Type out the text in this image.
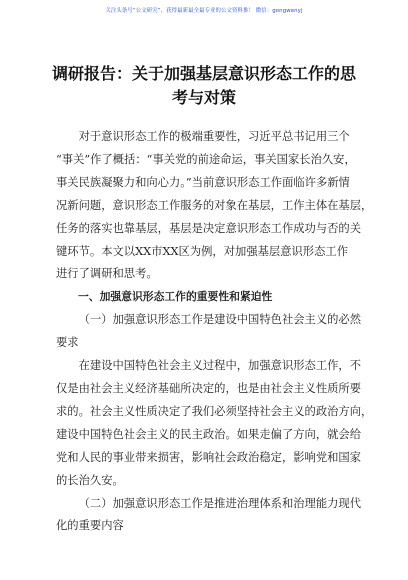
关注头条号“公文研究”，获得最新最全最专业的公文资料推！ 微信：gongwenyj
调研报告：关于加强基层意识形态工作的思
考与对策

对于意识形态工作的极端重要性，习近平总书记用三个
“事关”作了概括：“事关党的前途命运，事关国家长治久安，
事关民族凝聚力和向心力。”当前意识形态工作面临许多新情
况新问题，意识形态工作服务的对象在基层，工作主体在基层，
任务的落实也靠基层，基层是决定意识形态工作成功与否的关
键环节。本文以XX市XX区为例，对加强基层意识形态工作
进行了调研和思考。

一、加强意识形态工作的重要性和紧迫性

（一）加强意识形态工作是建设中国特色社会主义的必然
要求

在建设中国特色社会主义过程中，加强意识形态工作，不
仅是由社会主义经济基础所决定的，也是由社会主义性质所要
求的。社会主义性质决定了我们必须坚持社会主义的政治方向，
建设中国特色社会主义的民主政治。如果走偏了方向，就会给
党和人民的事业带来损害，影响社会政治稳定，影响党和国家
的长治久安。

（二）加强意识形态工作是推进治理体系和治理能力现代
化的重要内容
